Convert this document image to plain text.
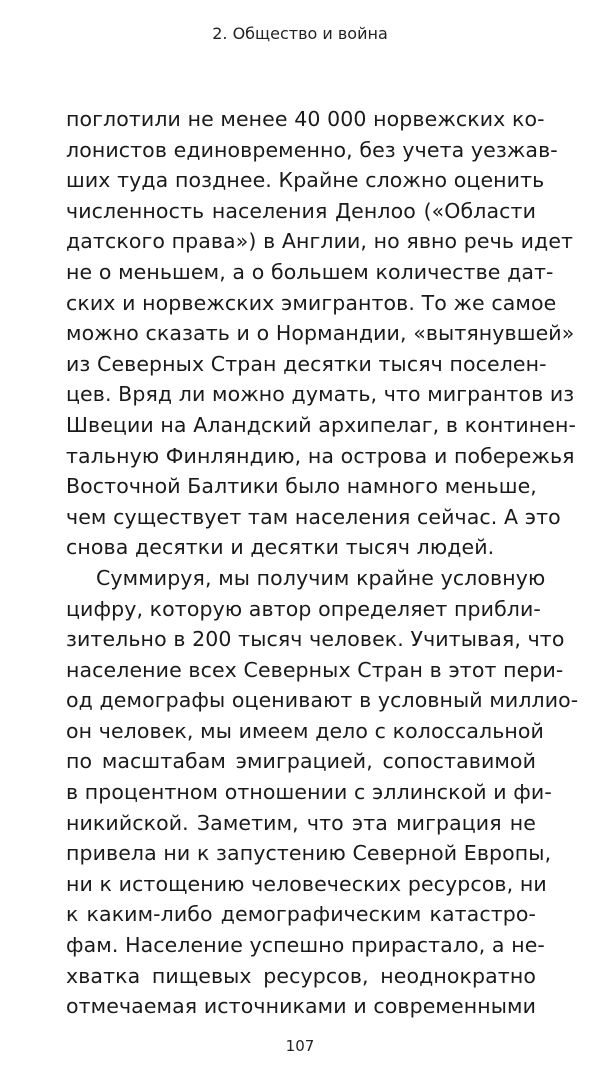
2. Общество и война
поглотили не менее 40 000 норвежских ко-
лонистов единовременно, без учета уезжав-
ших туда позднее. Крайне сложно оценить
численность населения Денлоо («Области
датского права») в Англии, но явно речь идет
не о меньшем, а о большем количестве дат-
ских и норвежских эмигрантов. То же самое
можно сказать и о Нормандии, «вытянувшей»
из Северных Стран десятки тысяч поселен-
цев. Вряд ли можно думать, что мигрантов из
Швеции на Аландский архипелаг, в континен-
тальную Финляндию, на острова и побережья
Восточной Балтики было намного меньше,
чем существует там населения сейчас. А это
снова десятки и десятки тысяч людей.
Суммируя, мы получим крайне условную
цифру, которую автор определяет прибли-
зительно в 200 тысяч человек. Учитывая, что
население всех Северных Стран в этот пери-
од демографы оценивают в условный миллио-
он человек, мы имеем дело с колоссальной
по масштабам эмиграцией, сопоставимой
в процентном отношении с эллинской и фи-
никийской. Заметим, что эта миграция не
привела ни к запустению Северной Европы,
ни к истощению человеческих ресурсов, ни
к каким-либо демографическим катастро-
фам. Население успешно прирастало, а не-
хватка пищевых ресурсов, неоднократно
отмечаемая источниками и современными
107
